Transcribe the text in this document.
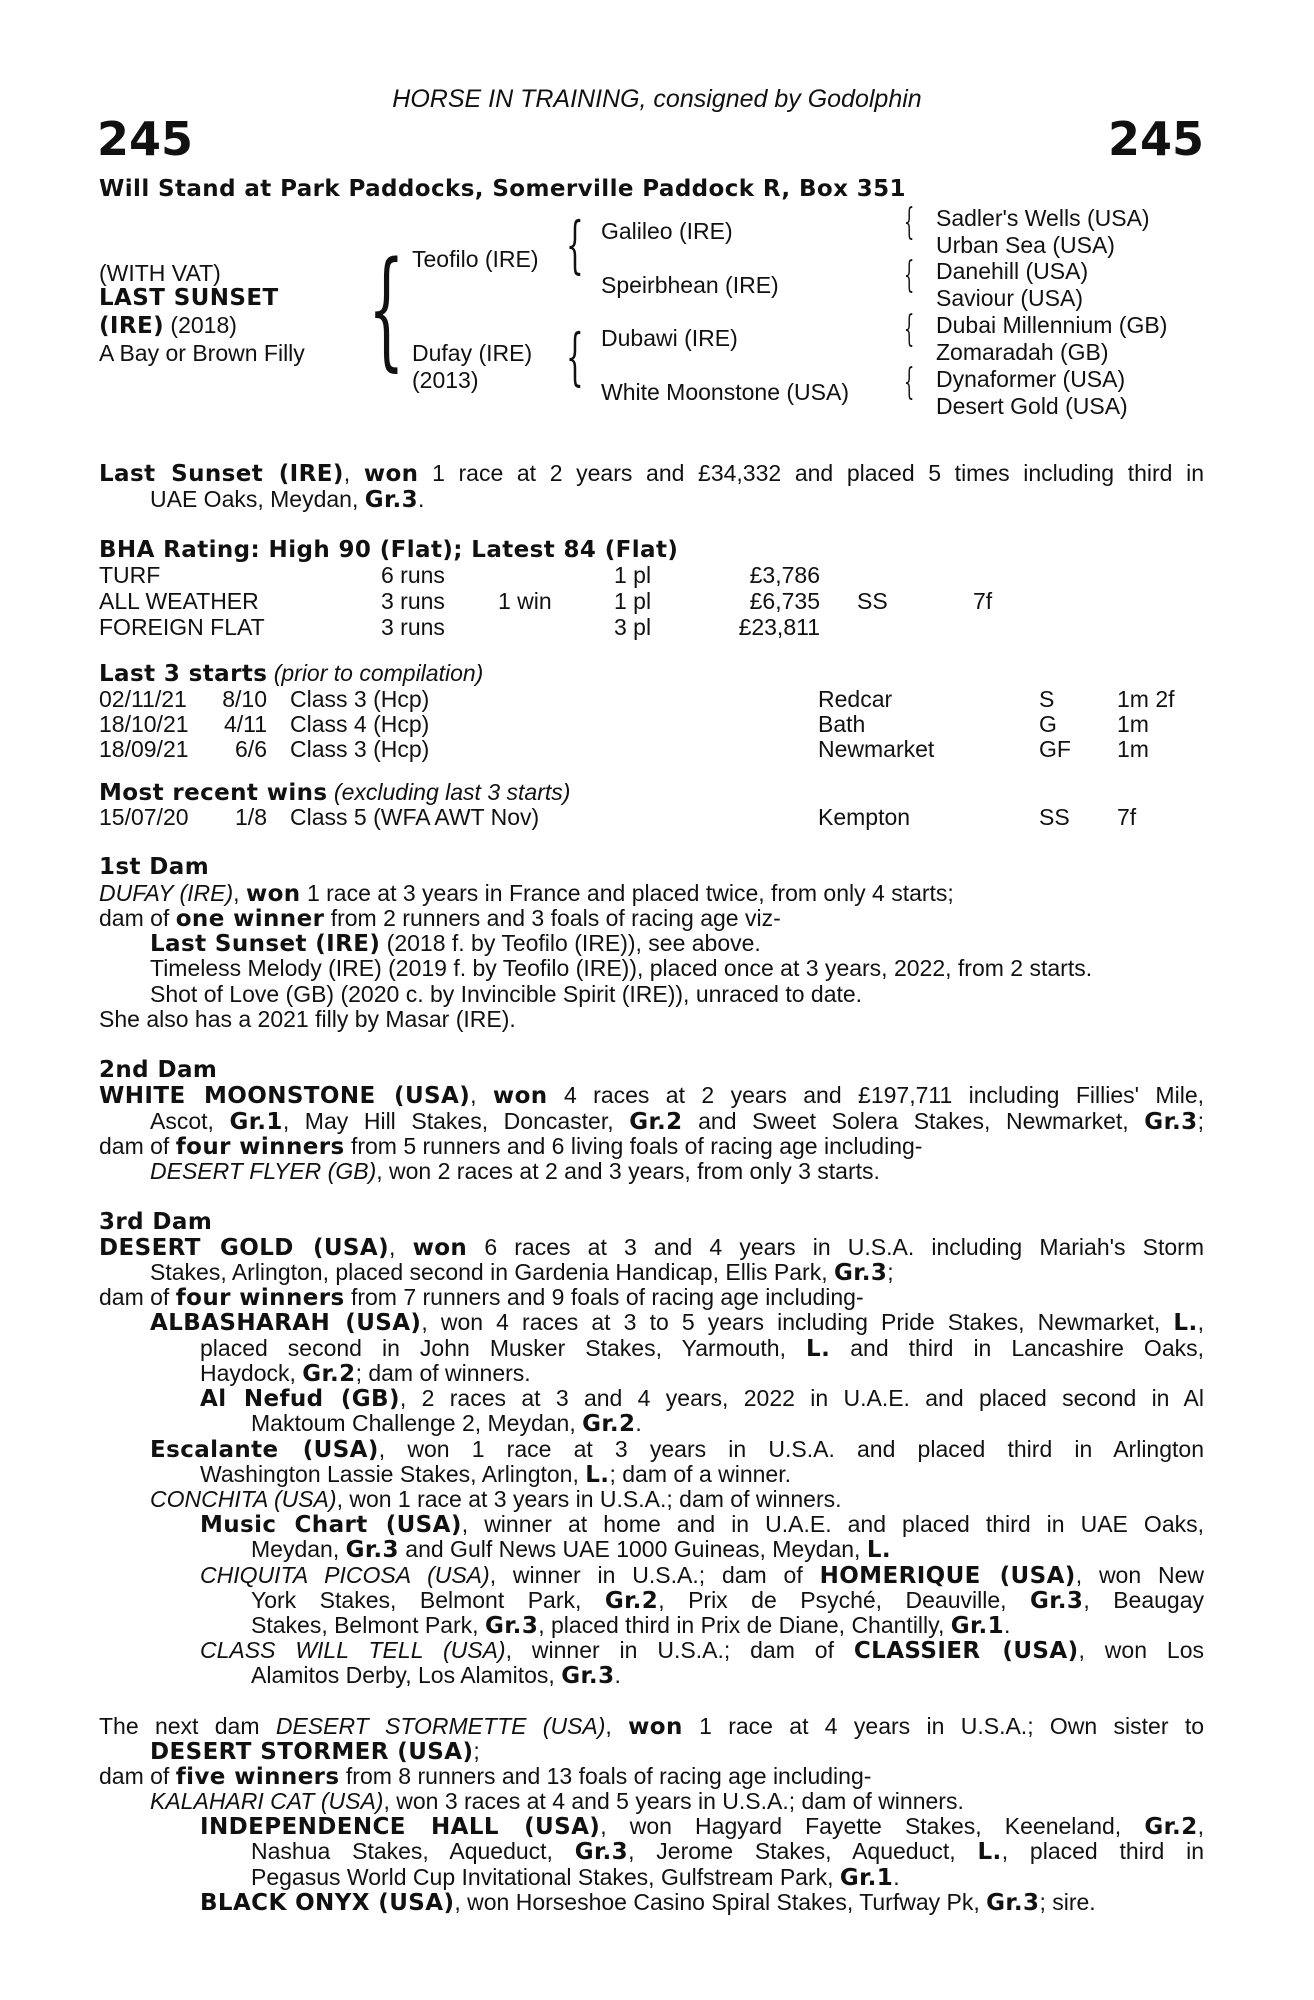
HORSE IN TRAINING, consigned by Godolphin
245	245
Will Stand at Park Paddocks, Somerville Paddock R, Box 351
(WITH VAT)
LAST SUNSET
(IRE) (2018)
A Bay or Brown Filly {	{
{
{
{
{
{
Teofilo (IRE)
Dufay (IRE)
(2013)
Galileo (IRE)
Speirbhean (IRE)
Dubawi (IRE)
White Moonstone (USA)
Sadler's Wells (USA)
Urban Sea (USA)
Danehill (USA)
Saviour (USA)
Dubai Millennium (GB)
Zomaradah (GB)
Dynaformer (USA)
Desert Gold (USA)
Last Sunset (IRE), won 1 race at 2 years and £34,332 and placed 5 times including third in
UAE Oaks, Meydan, Gr.3.
BHA Rating: High 90 (Flat); Latest 84 (Flat)
TURF	6 runs	1 pl	£3,786
ALL WEATHER	3 runs 1 win	1 pl	£6,735 SS	7f
FOREIGN FLAT	3 runs	3 pl	£23,811
Last 3 starts (prior to compilation)
02/11/21 8/10 Class 3 (Hcp)	Redcar	S	1m 2f
18/10/21 4/11 Class 4 (Hcp)	Bath	G	1m
18/09/21 6/6 Class 3 (Hcp)	Newmarket	GF 1m
Most recent wins (excluding last 3 starts)
15/07/20 1/8 Class 5 (WFA AWT Nov)	Kempton	SS 7f
1st Dam
DUFAY (IRE), won 1 race at 3 years in France and placed twice, from only 4 starts;
dam of one winner from 2 runners and 3 foals of racing age viz-
Last Sunset (IRE) (2018 f. by Teofilo (IRE)), see above.
Timeless Melody (IRE) (2019 f. by Teofilo (IRE)), placed once at 3 years, 2022, from 2 starts.
Shot of Love (GB) (2020 c. by Invincible Spirit (IRE)), unraced to date.
She also has a 2021 filly by Masar (IRE).
2nd Dam
WHITE MOONSTONE (USA), won 4 races at 2 years and £197,711 including Fillies' Mile,
Ascot, Gr.1, May Hill Stakes, Doncaster, Gr.2 and Sweet Solera Stakes, Newmarket, Gr.3;
dam of four winners from 5 runners and 6 living foals of racing age including-
DESERT FLYER (GB), won 2 races at 2 and 3 years, from only 3 starts.
3rd Dam
DESERT GOLD (USA), won 6 races at 3 and 4 years in U.S.A. including Mariah's Storm
Stakes, Arlington, placed second in Gardenia Handicap, Ellis Park, Gr.3;
dam of four winners from 7 runners and 9 foals of racing age including-
ALBASHARAH (USA), won 4 races at 3 to 5 years including Pride Stakes, Newmarket, L.,
placed second in John Musker Stakes, Yarmouth, L. and third in Lancashire Oaks,
Haydock, Gr.2; dam of winners.
Al Nefud (GB), 2 races at 3 and 4 years, 2022 in U.A.E. and placed second in Al
Maktoum Challenge 2, Meydan, Gr.2.
Escalante (USA), won 1 race at 3 years in U.S.A. and placed third in Arlington
Washington Lassie Stakes, Arlington, L.; dam of a winner.
CONCHITA (USA), won 1 race at 3 years in U.S.A.; dam of winners.
Music Chart (USA), winner at home and in U.A.E. and placed third in UAE Oaks,
Meydan, Gr.3 and Gulf News UAE 1000 Guineas, Meydan, L.
CHIQUITA PICOSA (USA), winner in U.S.A.; dam of HOMERIQUE (USA), won New
York Stakes, Belmont Park, Gr.2, Prix de Psyché, Deauville, Gr.3, Beaugay
Stakes, Belmont Park, Gr.3, placed third in Prix de Diane, Chantilly, Gr.1.
CLASS WILL TELL (USA), winner in U.S.A.; dam of CLASSIER (USA), won Los
Alamitos Derby, Los Alamitos, Gr.3.
The next dam DESERT STORMETTE (USA), won 1 race at 4 years in U.S.A.; Own sister to
DESERT STORMER (USA);
dam of five winners from 8 runners and 13 foals of racing age including-
KALAHARI CAT (USA), won 3 races at 4 and 5 years in U.S.A.; dam of winners.
INDEPENDENCE HALL (USA), won Hagyard Fayette Stakes, Keeneland, Gr.2,
Nashua Stakes, Aqueduct, Gr.3, Jerome Stakes, Aqueduct, L., placed third in
Pegasus World Cup Invitational Stakes, Gulfstream Park, Gr.1.
BLACK ONYX (USA), won Horseshoe Casino Spiral Stakes, Turfway Pk, Gr.3; sire.
